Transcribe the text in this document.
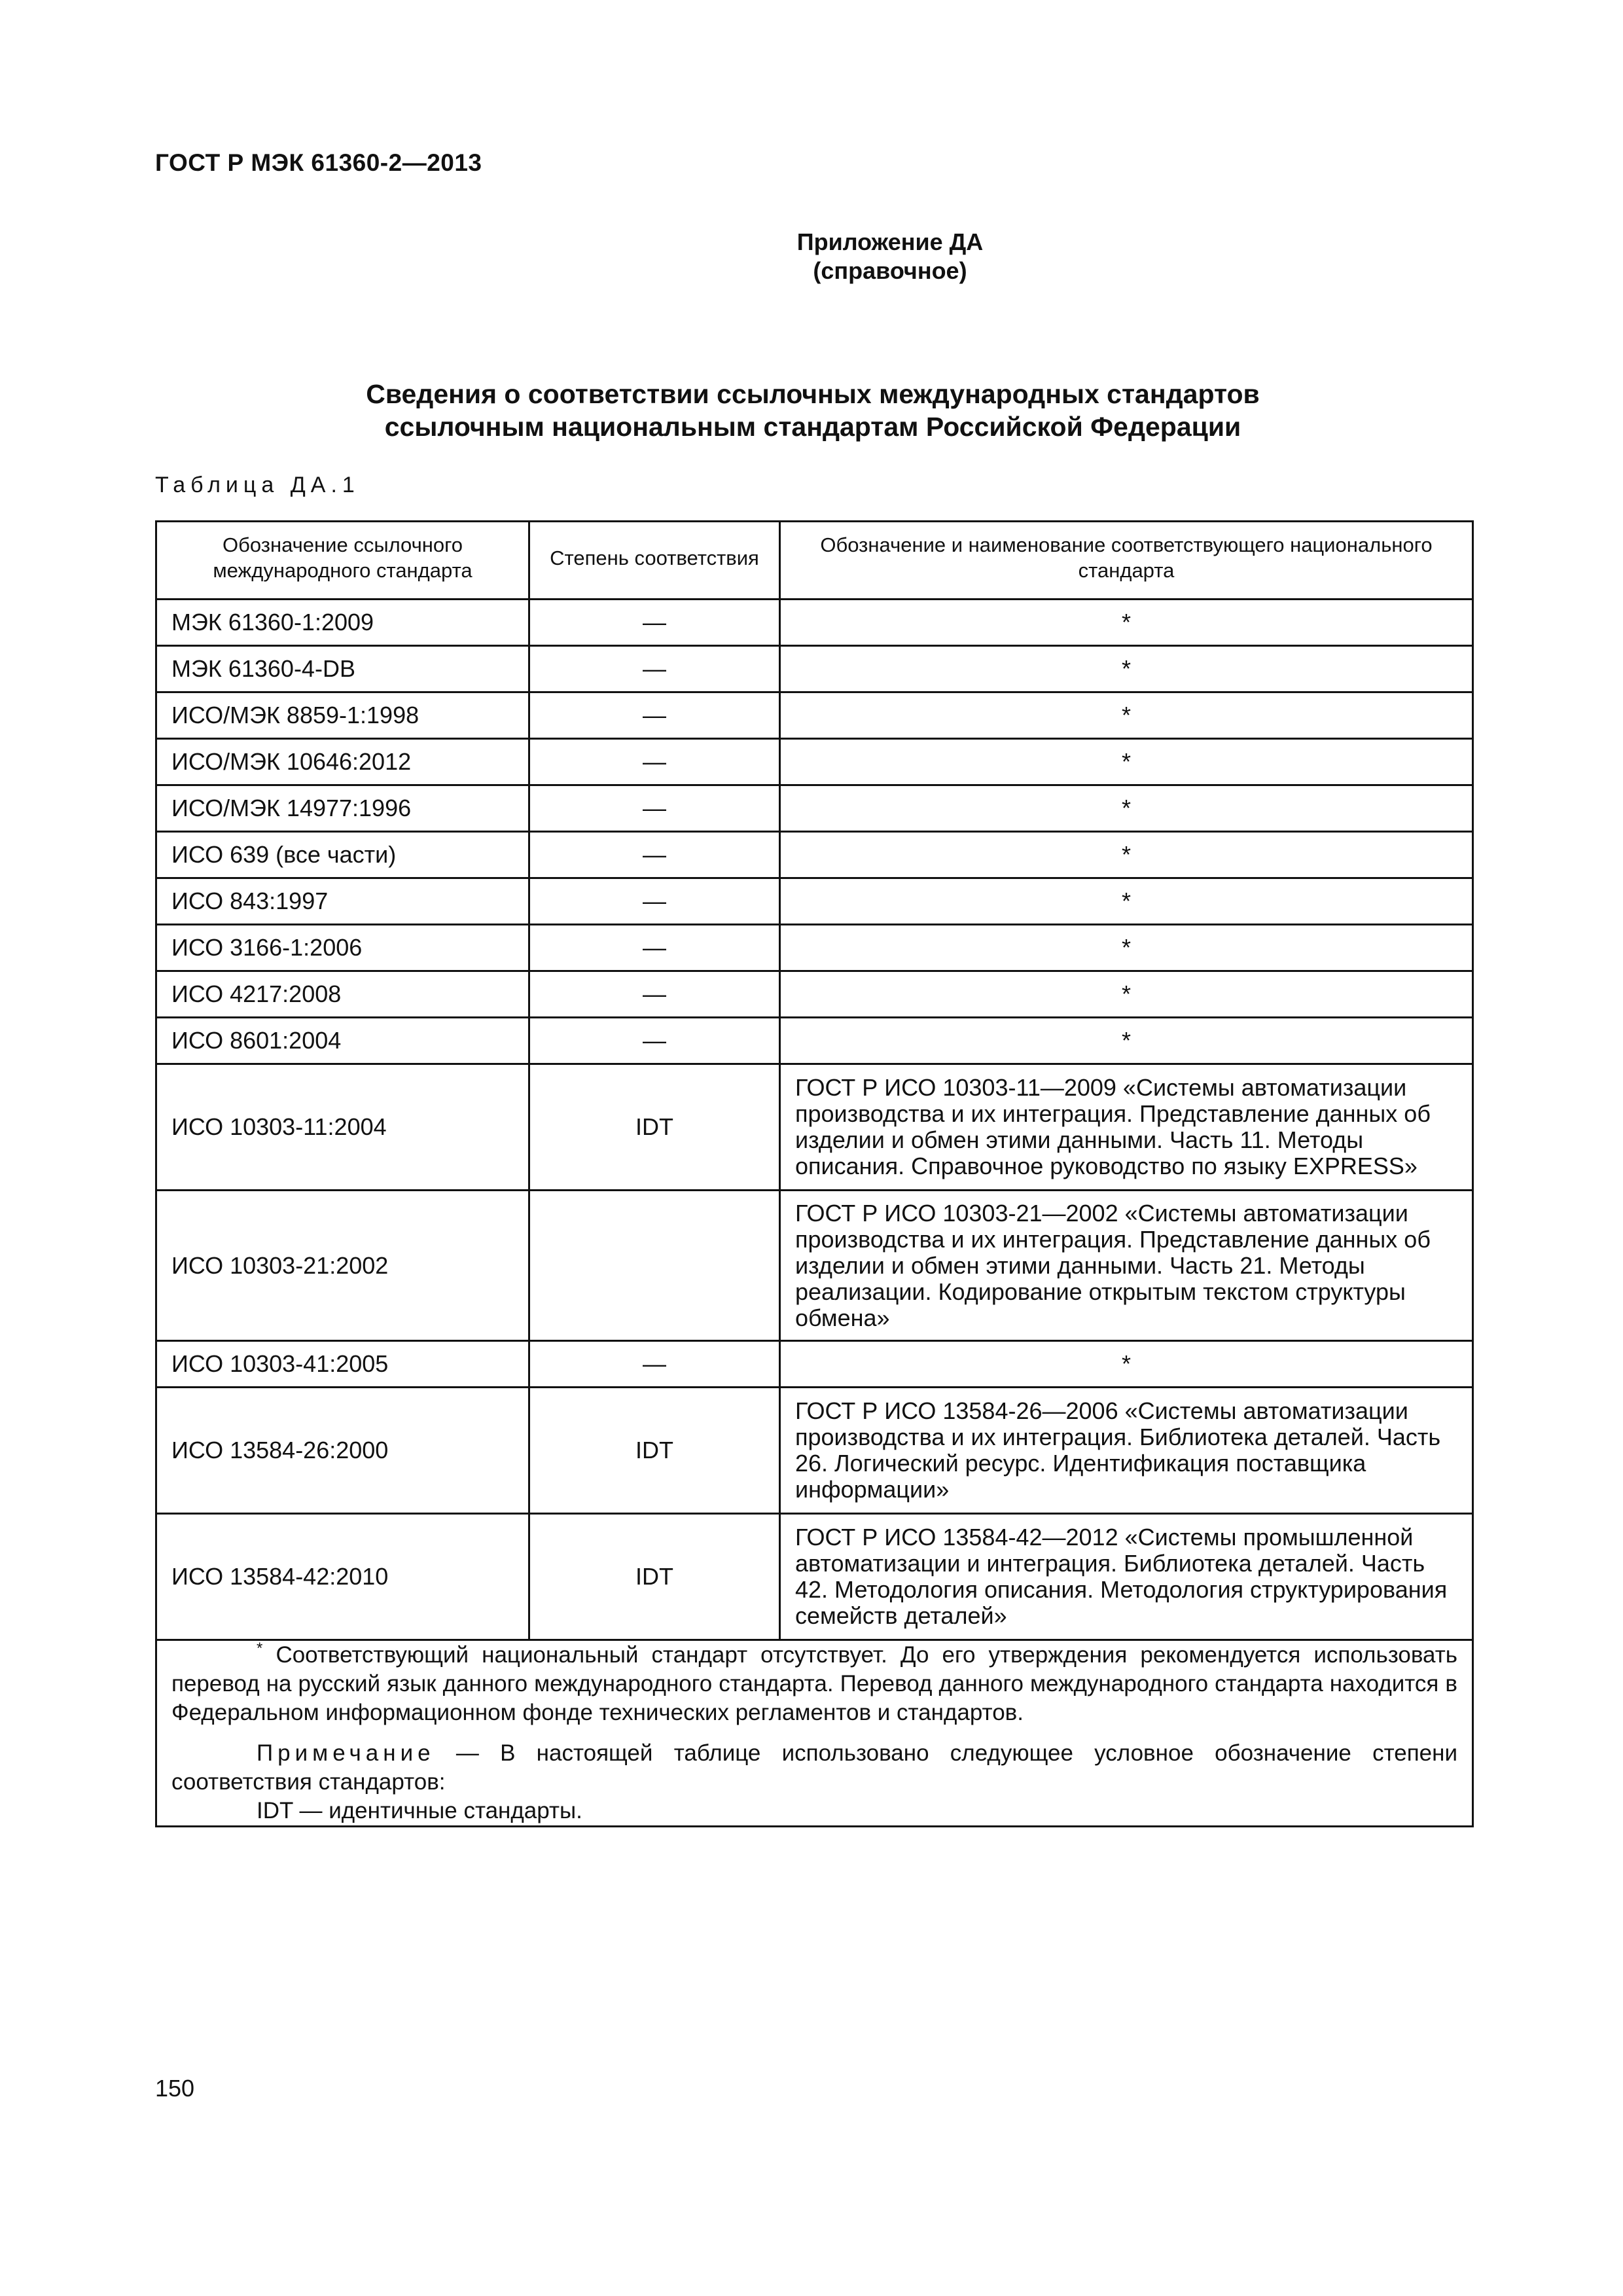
ГОСТ Р МЭК 61360-2—2013
Приложение ДА
(справочное)
Сведения о соответствии ссылочных международных стандартов
ссылочным национальным стандартам Российской Федерации
Таблица ДА.1
Обозначение ссылочного международного стандарта	Степень соответствия	Обозначение и наименование соответствующего национального стандарта

МЭК 61360-1:2009	—	*
МЭК 61360-4-DB	—	*
ИСО/МЭК 8859-1:1998	—	*
ИСО/МЭК 10646:2012	—	*
ИСО/МЭК 14977:1996	—	*
ИСО 639 (все части)	—	*
ИСО 843:1997	—	*
ИСО 3166-1:2006	—	*
ИСО 4217:2008	—	*
ИСО 8601:2004	—	*
ИСО 10303-11:2004	IDT	ГОСТ Р ИСО 10303-11—2009 «Системы автоматизации производства и их интеграция. Представление данных об изделии и обмен этими данными. Часть 11. Методы описания. Справочное руководство по языку EXPRESS»
ИСО 10303-21:2002		ГОСТ Р ИСО 10303-21—2002 «Системы автоматизации производства и их интеграция. Представление данных об изделии и обмен этими данными. Часть 21. Методы реализации. Кодирование открытым текстом структуры обмена»
ИСО 10303-41:2005	—	*
ИСО 13584-26:2000	IDT	ГОСТ Р ИСО 13584-26—2006 «Системы автоматизации производства и их интеграция. Библиотека деталей. Часть 26. Логический ресурс. Идентификация поставщика информации»
ИСО 13584-42:2010	IDT	ГОСТ Р ИСО 13584-42—2012 «Системы промышленной автоматизации и интеграция. Библиотека деталей. Часть 42. Методология описания. Методология структурирования семейств деталей»

* Соответствующий национальный стандарт отсутствует. До его утверждения рекомендуется использовать перевод на русский язык данного международного стандарта. Перевод данного международного стандарта находится в Федеральном информационном фонде технических регламентов и стандартов.

Примечание — В настоящей таблице использовано следующее условное обозначение степени соответствия стандартов:

IDT — идентичные стандарты.		

150
